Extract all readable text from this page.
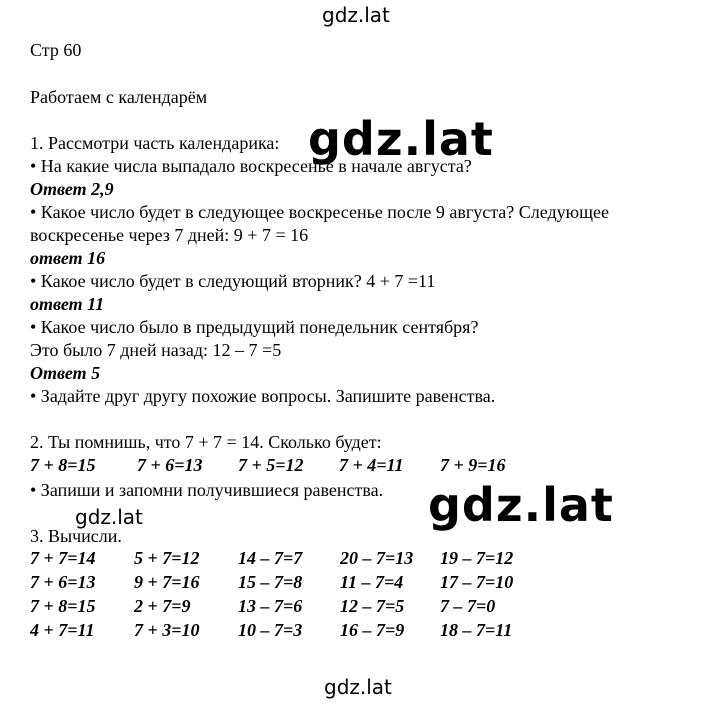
gdz.lat
gdz.lat
gdz.lat
gdz.lat
gdz.lat
Стр 60
Работаем с календарём
1. Рассмотри часть календарика:
• На какие числа выпадало воскресенье в начале августа?
Ответ 2,9
• Какое число будет в следующее воскресенье после 9 августа? Следующее
воскресенье через 7 дней: 9 + 7 = 16
ответ 16
• Какое число будет в следующий вторник? 4 + 7 =11
ответ 11
• Какое число было в предыдущий понедельник сентября?
Это было 7 дней назад: 12 – 7 =5
Ответ 5
• Задайте друг другу похожие вопросы. Запишите равенства.
2. Ты помнишь, что 7 + 7 = 14. Сколько будет:
7 + 8=15 7 + 6=13 7 + 5=12 7 + 4=11 7 + 9=16
• Запиши и запомни получившиеся равенства.
3. Вычисли.
7 + 7=14 5 + 7=12 14 – 7=7 20 – 7=13 19 – 7=12
7 + 6=13 9 + 7=16 15 – 7=8 11 – 7=4 17 – 7=10
7 + 8=15 2 + 7=9	13 – 7=6 12 – 7=5 7 – 7=0
4 + 7=11 7 + 3=10 10 – 7=3 16 – 7=9 18 – 7=11
